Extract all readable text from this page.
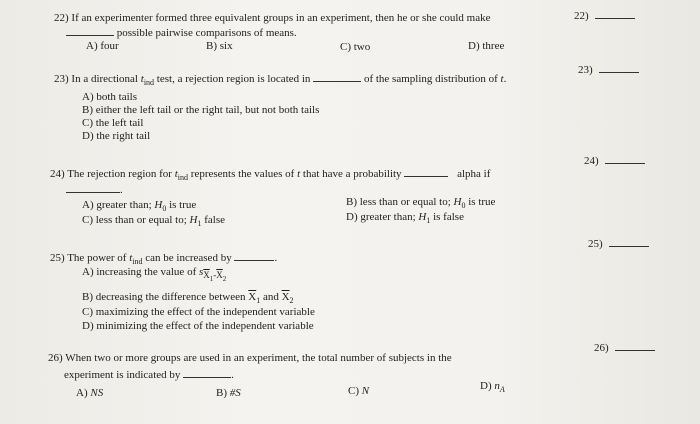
22) If an experimenter formed three equivalent groups in an experiment, then he or she could make
possible pairwise comparisons of means.
A) four	B) six	C) two	D) three
22)
23) In a directional $t_{ind}$ test, a rejection region is located in	of the sampling distribution of t.
A) both tails
B) either the left tail or the right tail, but not both tails
C) the left tail
D) the right tail
23)
24) The rejection region for $t_{ind}$ represents the values of t that have a probability	alpha if
.
A) greater than; $H_0$ is true	B) less than or equal to; $H_0$ is true
C) less than or equal to; $H_1$ false	D) greater than; $H_1$ is false
24)
25) The power of $t_{ind}$ can be increased by	.
A) increasing the value of $s_{\overline{X}_1-\overline{X}_2}$
B) decreasing the difference between $\overline{X}_1$ and $\overline{X}_2$
C) maximizing the effect of the independent variable
D) minimizing the effect of the independent variable
25)
26) When two or more groups are used in an experiment, the total number of subjects in the
experiment is indicated by	.
A) NS	B) #S	C) N	D) $n_A$
26)
